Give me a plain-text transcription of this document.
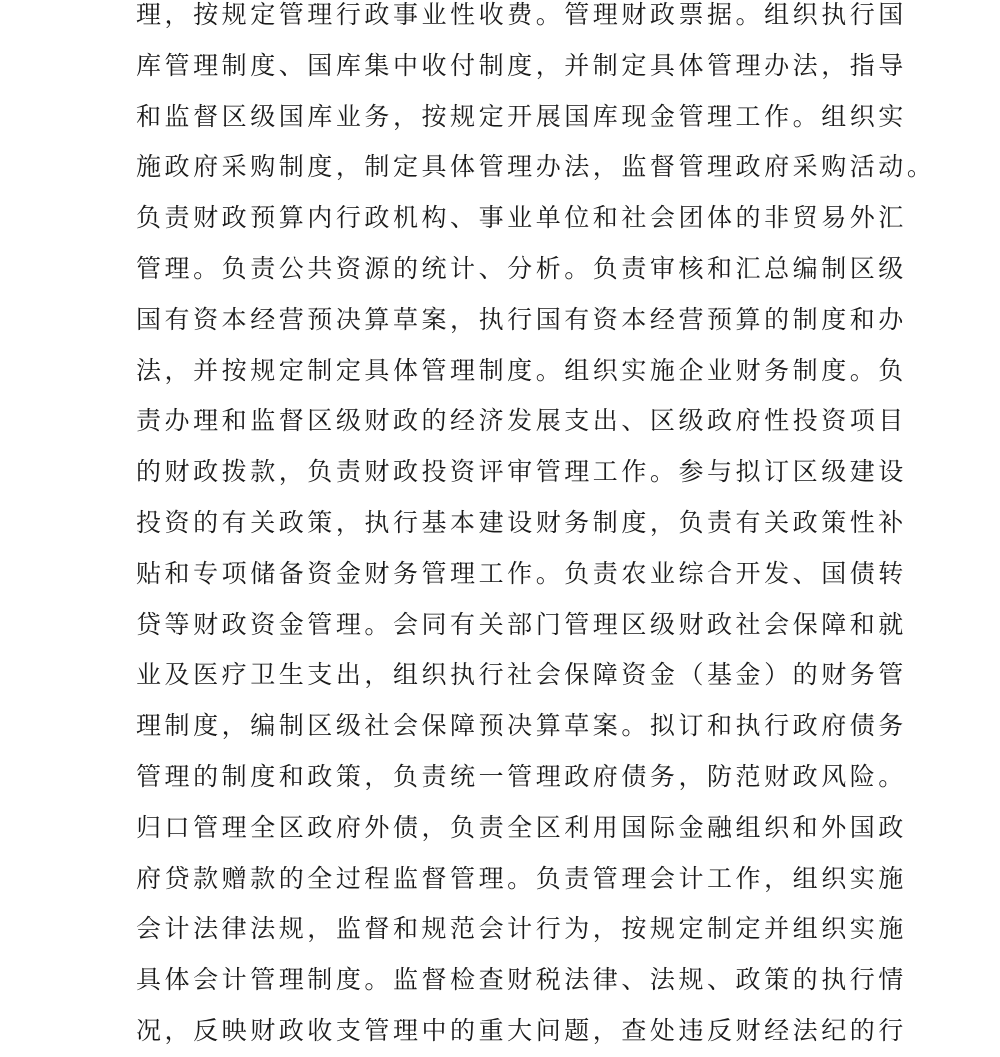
理，按规定管理行政事业性收费。管理财政票据。组织执行国
库管理制度、国库集中收付制度，并制定具体管理办法，指导
和监督区级国库业务，按规定开展国库现金管理工作。组织实
施政府采购制度，制定具体管理办法，监督管理政府采购活动。
负责财政预算内行政机构、事业单位和社会团体的非贸易外汇
管理。负责公共资源的统计、分析。负责审核和汇总编制区级
国有资本经营预决算草案，执行国有资本经营预算的制度和办
法，并按规定制定具体管理制度。组织实施企业财务制度。负
责办理和监督区级财政的经济发展支出、区级政府性投资项目
的财政拨款，负责财政投资评审管理工作。参与拟订区级建设
投资的有关政策，执行基本建设财务制度，负责有关政策性补
贴和专项储备资金财务管理工作。负责农业综合开发、国债转
贷等财政资金管理。会同有关部门管理区级财政社会保障和就
业及医疗卫生支出，组织执行社会保障资金（基金）的财务管
理制度，编制区级社会保障预决算草案。拟订和执行政府债务
管理的制度和政策，负责统一管理政府债务，防范财政风险。
归口管理全区政府外债，负责全区利用国际金融组织和外国政
府贷款赠款的全过程监督管理。负责管理会计工作，组织实施
会计法律法规，监督和规范会计行为，按规定制定并组织实施
具体会计管理制度。监督检查财税法律、法规、政策的执行情
况，反映财政收支管理中的重大问题，查处违反财经法纪的行
